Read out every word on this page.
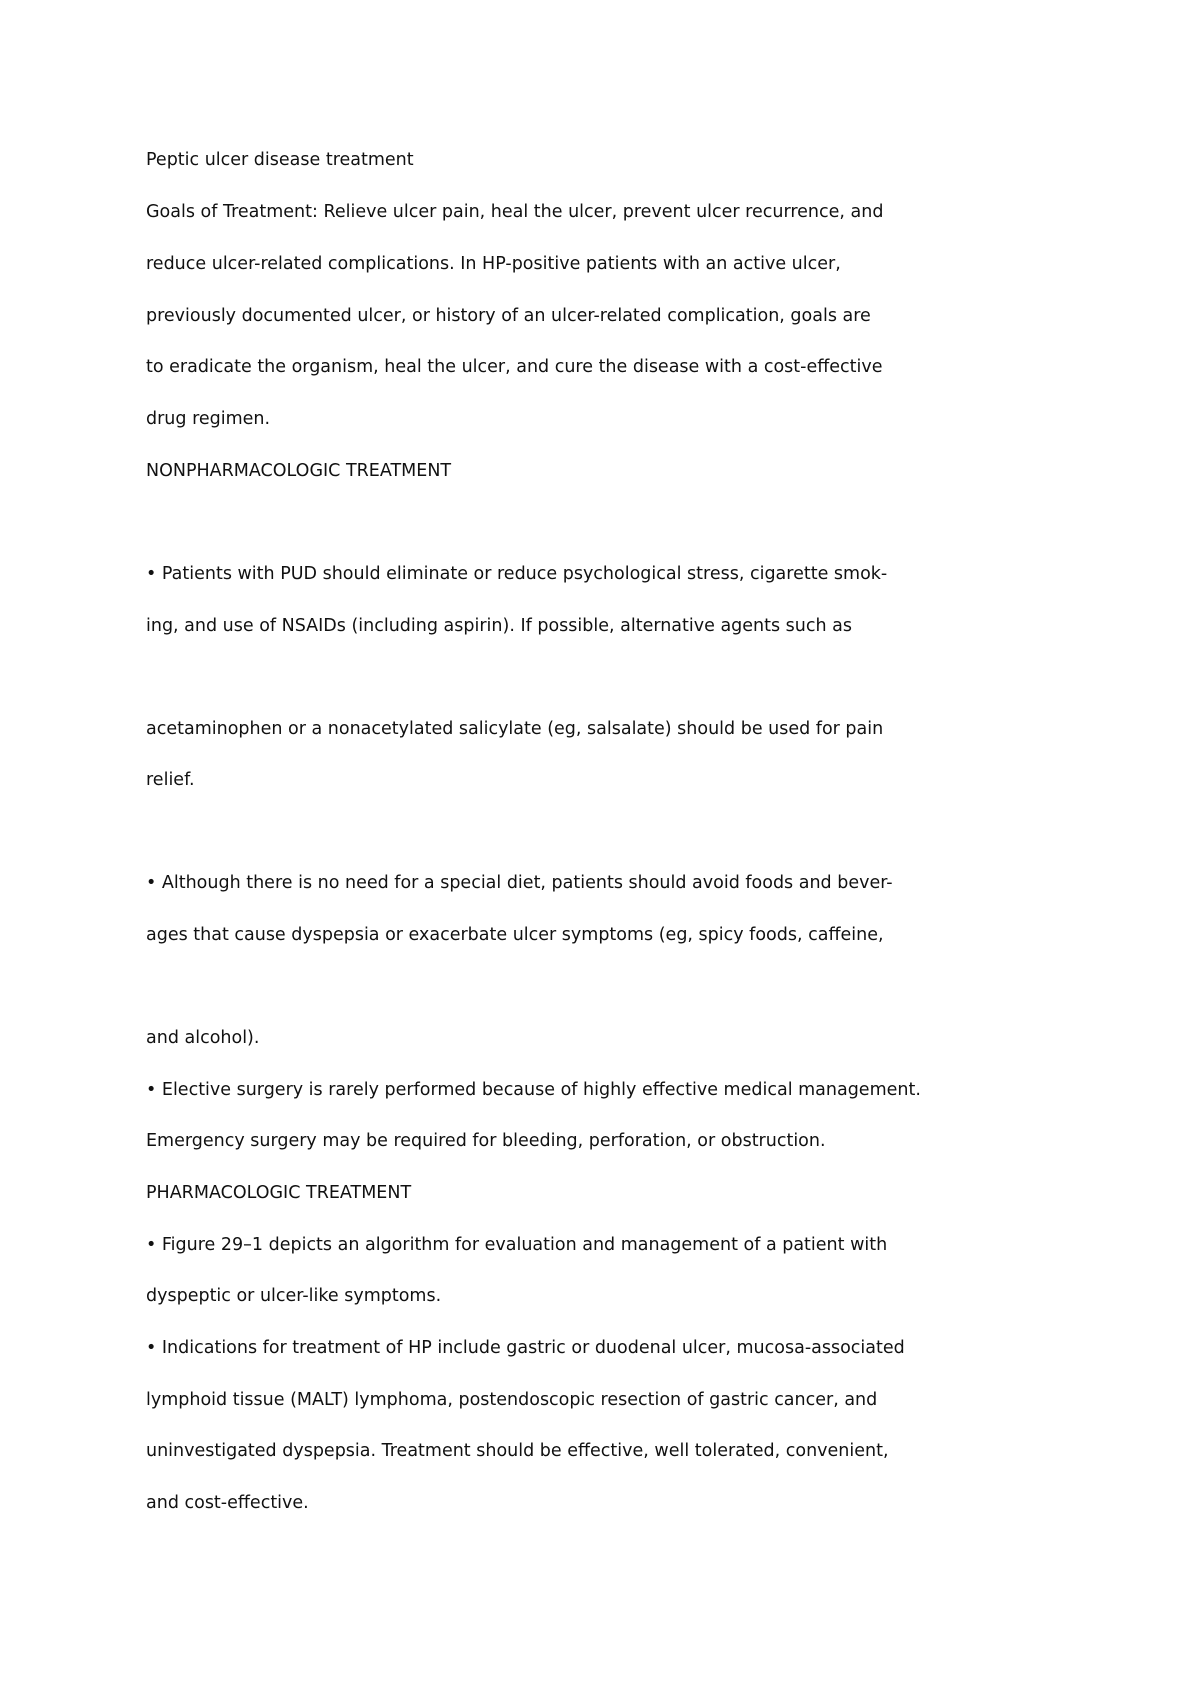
Peptic ulcer disease treatment

Goals of Treatment: Relieve ulcer pain, heal the ulcer, prevent ulcer recurrence, and

reduce ulcer-related complications. In HP-positive patients with an active ulcer,

previously documented ulcer, or history of an ulcer-related complication, goals are

to eradicate the organism, heal the ulcer, and cure the disease with a cost-effective

drug regimen.

NONPHARMACOLOGIC TREATMENT

• Patients with PUD should eliminate or reduce psychological stress, cigarette smok-

ing, and use of NSAIDs (including aspirin). If possible, alternative agents such as

acetaminophen or a nonacetylated salicylate (eg, salsalate) should be used for pain

relief.

• Although there is no need for a special diet, patients should avoid foods and bever-

ages that cause dyspepsia or exacerbate ulcer symptoms (eg, spicy foods, caffeine,

and alcohol).

• Elective surgery is rarely performed because of highly effective medical management.

Emergency surgery may be required for bleeding, perforation, or obstruction.

PHARMACOLOGIC TREATMENT

• Figure 29–1 depicts an algorithm for evaluation and management of a patient with

dyspeptic or ulcer-like symptoms.

• Indications for treatment of HP include gastric or duodenal ulcer, mucosa-associated

lymphoid tissue (MALT) lymphoma, postendoscopic resection of gastric cancer, and

uninvestigated dyspepsia. Treatment should be effective, well tolerated, convenient,

and cost-effective.
